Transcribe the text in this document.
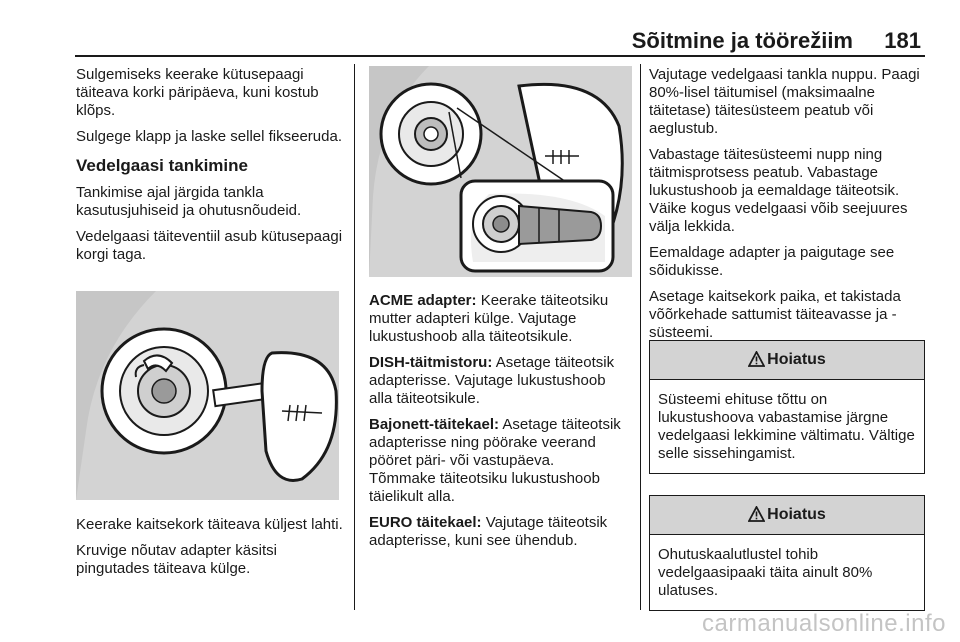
Sõitmine ja töörežiim 181

Sulgemiseks keerake kütusepaagi täiteava korki päripäeva, kuni kostub klõps.

Sulgege klapp ja laske sellel fikseeruda.

Vedelgaasi tankimine

Tankimise ajal järgida tankla kasutusjuhiseid ja ohutusnõudeid.

Vedelgaasi täiteventiil asub kütusepaagi korgi taga.

Keerake kaitsekork täiteava küljest lahti.

Kruvige nõutav adapter käsitsi pingutades täiteava külge.

ACME adapter: Keerake täiteotsiku mutter adapteri külge. Vajutage lukustushoob alla täiteotsikule.

DISH-täitmistoru: Asetage täiteotsik adapterisse. Vajutage lukustushoob alla täiteotsikule.

Bajonett-täitekael: Asetage täiteotsik adapterisse ning pöörake veerand pööret päri- või vastupäeva.

Tõmmake täiteotsiku lukustushoob täielikult alla.

EURO täitekael: Vajutage täiteotsik adapterisse, kuni see ühendub.

Vajutage vedelgaasi tankla nuppu. Paagi 80%-lisel täitumisel (maksimaalne täitetase) täitesüsteem peatub või aeglustub.

Vabastage täitesüsteemi nupp ning täitmisprotsess peatub. Vabastage lukustushoob ja eemaldage täiteotsik. Väike kogus vedelgaasi võib seejuures välja lekkida.

Eemaldage adapter ja paigutage see sõidukisse.

Asetage kaitsekork paika, et takistada võõrkehade sattumist täiteavasse ja -süsteemi.

Hoiatus
Süsteemi ehituse tõttu on lukustushoova vabastamise järgne vedelgaasi lekkimine vältimatu. Vältige selle sissehingamist.
Hoiatus
Ohutuskaalutlustel tohib vedelgaasipaaki täita ainult 80% ulatuses.
carmanualsonline.info
